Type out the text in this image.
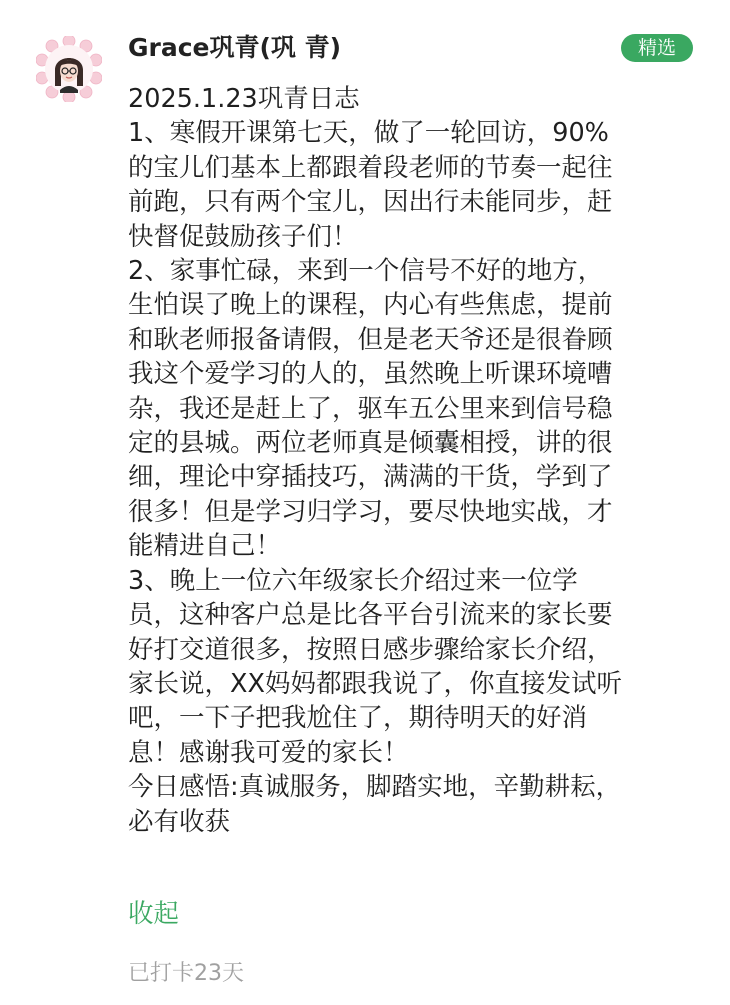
Grace巩青(巩 青)	精选
2025.1.23巩青日志
1、寒假开课第七天，做了一轮回访，90%
的宝儿们基本上都跟着段老师的节奏一起往
前跑，只有两个宝儿，因出行未能同步，赶
快督促鼓励孩子们！
2、家事忙碌，来到一个信号不好的地方，
生怕误了晚上的课程，内心有些焦虑，提前
和耿老师报备请假，但是老天爷还是很眷顾
我这个爱学习的人的，虽然晚上听课环境嘈
杂，我还是赶上了，驱车五公里来到信号稳
定的县城。两位老师真是倾囊相授，讲的很
细，理论中穿插技巧，满满的干货，学到了
很多！但是学习归学习，要尽快地实战，才
能精进自己！
3、晚上一位六年级家长介绍过来一位学
员，这种客户总是比各平台引流来的家长要
好打交道很多，按照日感步骤给家长介绍，
家长说，XX妈妈都跟我说了，你直接发试听
吧，一下子把我尬住了，期待明天的好消
息！感谢我可爱的家长！
今日感悟:真诚服务，脚踏实地，辛勤耕耘，
必有收获
收起
已打卡23天
